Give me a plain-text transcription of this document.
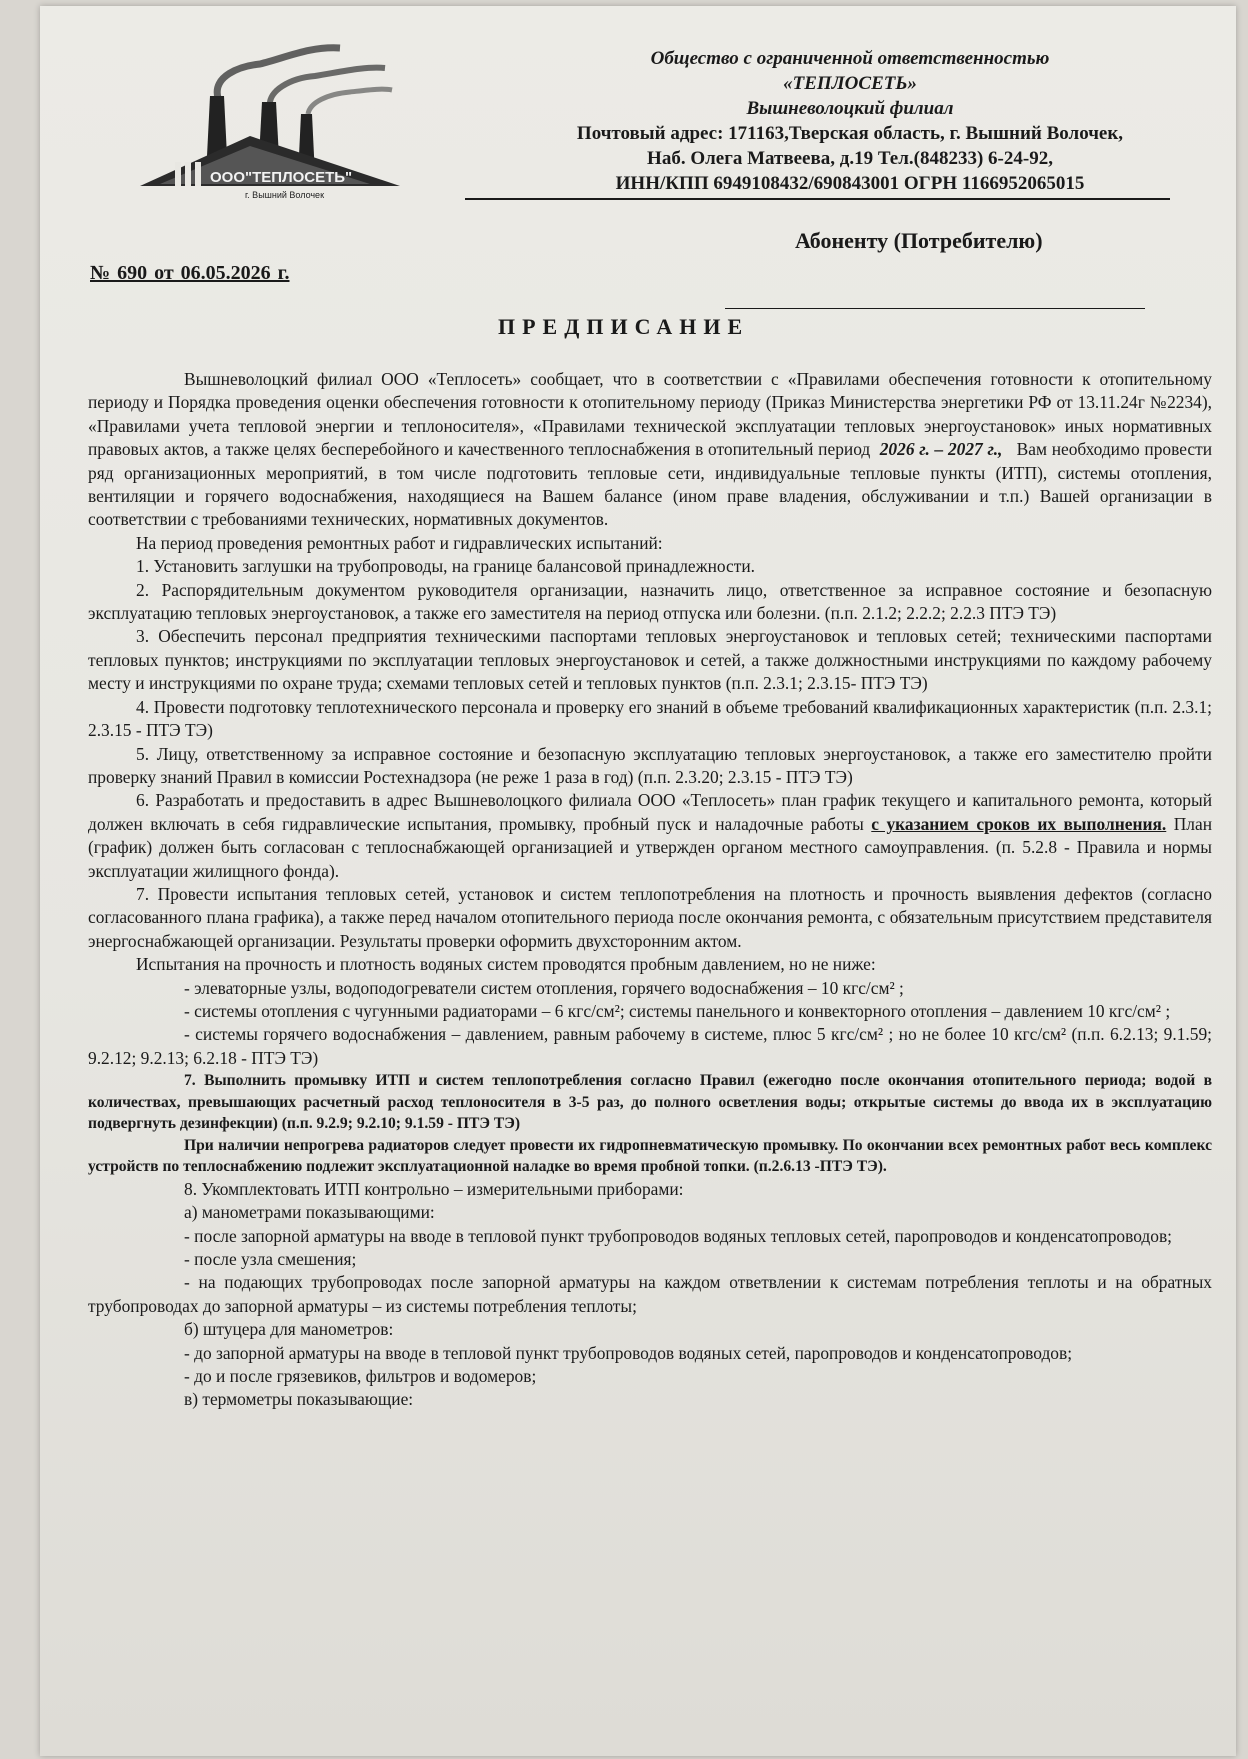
ООО"ТЕПЛОСЕТЬ"
г. Вышний Волочек
Общество с ограниченной ответственностью
«ТЕПЛОСЕТЬ»
Вышневолоцкий филиал
Почтовый адрес: 171163,Тверская область, г. Вышний Волочек,
Наб. Олега Матвеева, д.19 Тел.(848233) 6-24-92,
ИНН/КПП 6949108432/690843001 ОГРН 1166952065015
Абоненту (Потребителю)
№ 690 от 06.05.2026 г.
ПРЕДПИСАНИЕ

Вышневолоцкий филиал ООО «Теплосеть» сообщает, что в соответствии с «Правилами обеспечения готовности к отопительному периоду и Порядка проведения оценки обеспечения готовности к отопительному периоду (Приказ Министерства энергетики РФ от 13.11.24г №2234), «Правилами учета тепловой энергии и теплоносителя», «Правилами технической эксплуатации тепловых энергоустановок» иных нормативных правовых актов, а также целях бесперебойного и качественного теплоснабжения в отопительный период 2026 г. – 2027 г., Вам необходимо провести ряд организационных мероприятий, в том числе подготовить тепловые сети, индивидуальные тепловые пункты (ИТП), системы отопления, вентиляции и горячего водоснабжения, находящиеся на Вашем балансе (ином праве владения, обслуживании и т.п.) Вашей организации в соответствии с требованиями технических, нормативных документов.

На период проведения ремонтных работ и гидравлических испытаний:

1. Установить заглушки на трубопроводы, на границе балансовой принадлежности.

2. Распорядительным документом руководителя организации, назначить лицо, ответственное за исправное состояние и безопасную эксплуатацию тепловых энергоустановок, а также его заместителя на период отпуска или болезни. (п.п. 2.1.2; 2.2.2; 2.2.3 ПТЭ ТЭ)

3. Обеспечить персонал предприятия техническими паспортами тепловых энергоустановок и тепловых сетей; техническими паспортами тепловых пунктов; инструкциями по эксплуатации тепловых энергоустановок и сетей, а также должностными инструкциями по каждому рабочему месту и инструкциями по охране труда; схемами тепловых сетей и тепловых пунктов (п.п. 2.3.1; 2.3.15- ПТЭ ТЭ)

4. Провести подготовку теплотехнического персонала и проверку его знаний в объеме требований квалификационных характеристик (п.п. 2.3.1; 2.3.15 - ПТЭ ТЭ)

5. Лицу, ответственному за исправное состояние и безопасную эксплуатацию тепловых энергоустановок, а также его заместителю пройти проверку знаний Правил в комиссии Ростехнадзора (не реже 1 раза в год) (п.п. 2.3.20; 2.3.15 - ПТЭ ТЭ)

6. Разработать и предоставить в адрес Вышневолоцкого филиала ООО «Теплосеть» план график текущего и капитального ремонта, который должен включать в себя гидравлические испытания, промывку, пробный пуск и наладочные работы с указанием сроков их выполнения. План (график) должен быть согласован с теплоснабжающей организацией и утвержден органом местного самоуправления. (п. 5.2.8 - Правила и нормы эксплуатации жилищного фонда).

7. Провести испытания тепловых сетей, установок и систем теплопотребления на плотность и прочность выявления дефектов (согласно согласованного плана графика), а также перед началом отопительного периода после окончания ремонта, с обязательным присутствием представителя энергоснабжающей организации. Результаты проверки оформить двухсторонним актом.

Испытания на прочность и плотность водяных систем проводятся пробным давлением, но не ниже:

- элеваторные узлы, водоподогреватели систем отопления, горячего водоснабжения – 10 кгс/см² ;

- системы отопления с чугунными радиаторами – 6 кгс/см²; системы панельного и конвекторного отопления – давлением 10 кгс/см² ;

- системы горячего водоснабжения – давлением, равным рабочему в системе, плюс 5 кгс/см² ; но не более 10 кгс/см² (п.п. 6.2.13; 9.1.59; 9.2.12; 9.2.13; 6.2.18 - ПТЭ ТЭ)

7. Выполнить промывку ИТП и систем теплопотребления согласно Правил (ежегодно после окончания отопительного периода; водой в количествах, превышающих расчетный расход теплоносителя в 3-5 раз, до полного осветления воды; открытые системы до ввода их в эксплуатацию подвергнуть дезинфекции) (п.п. 9.2.9; 9.2.10; 9.1.59 - ПТЭ ТЭ)

При наличии непрогрева радиаторов следует провести их гидропневматическую промывку. По окончании всех ремонтных работ весь комплекс устройств по теплоснабжению подлежит эксплуатационной наладке во время пробной топки. (п.2.6.13 -ПТЭ ТЭ).

8. Укомплектовать ИТП контрольно – измерительными приборами:

а) манометрами показывающими:

- после запорной арматуры на вводе в тепловой пункт трубопроводов водяных тепловых сетей, паропроводов и конденсатопроводов;

- после узла смешения;

- на подающих трубопроводах после запорной арматуры на каждом ответвлении к системам потребления теплоты и на обратных трубопроводах до запорной арматуры – из системы потребления теплоты;

б) штуцера для манометров:

- до запорной арматуры на вводе в тепловой пункт трубопроводов водяных сетей, паропроводов и конденсатопроводов;

- до и после грязевиков, фильтров и водомеров;

в) термометры показывающие:
